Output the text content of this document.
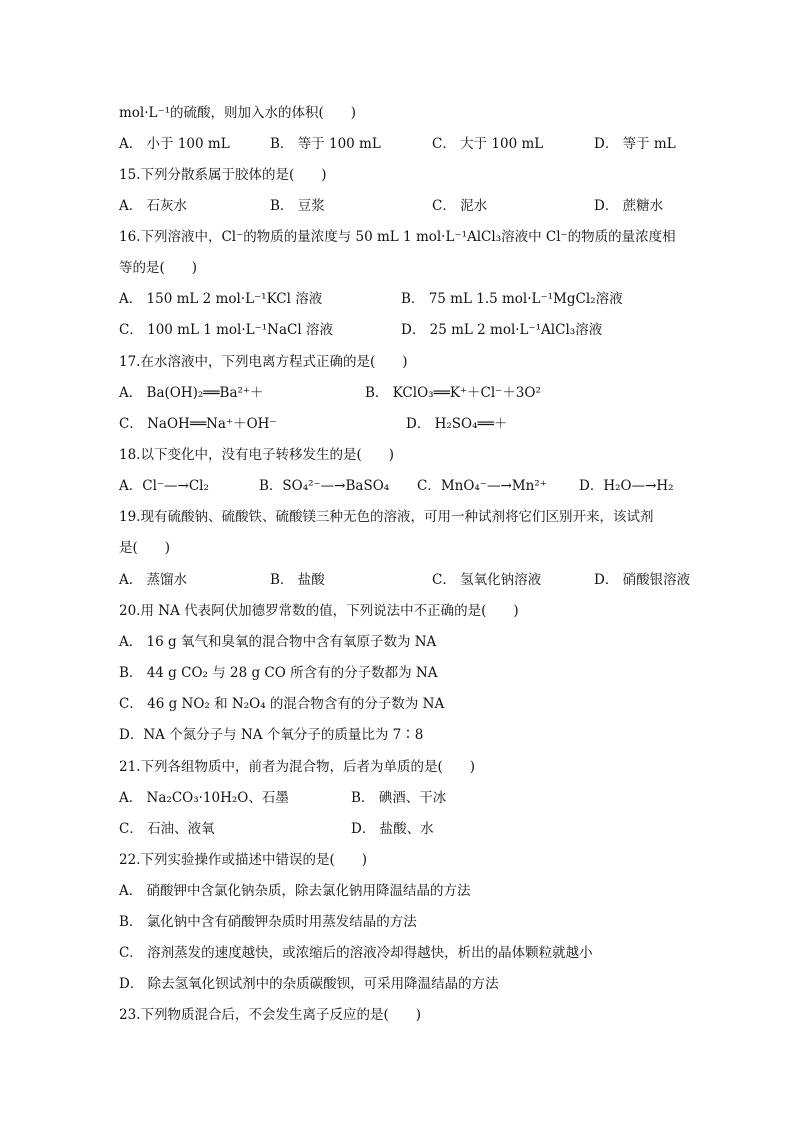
mol·L⁻¹的硫酸，则加入水的体积(　　)
A． 小于 100 mL	B． 等于 100 mL	C． 大于 100 mL	D． 等于 mL
15.下列分散系属于胶体的是(　　)
A． 石灰水	B． 豆浆	C． 泥水	D． 蔗糖水
16.下列溶液中，Cl⁻的物质的量浓度与 50 mL 1 mol·L⁻¹AlCl₃溶液中 Cl⁻的物质的量浓度相
等的是(　　)
A． 150 mL 2 mol·L⁻¹KCl 溶液	B． 75 mL 1.5 mol·L⁻¹MgCl₂溶液
C． 100 mL 1 mol·L⁻¹NaCl 溶液	D． 25 mL 2 mol·L⁻¹AlCl₃溶液
17.在水溶液中，下列电离方程式正确的是(　　)
A． Ba(OH)₂══Ba²⁺＋	B． KClO₃══K⁺＋Cl⁻＋3O²
C． NaOH══Na⁺＋OH⁻	D． H₂SO₄══＋
18.以下变化中，没有电子转移发生的是(　　)
A．Cl⁻—→Cl₂	B．SO₄²⁻—→BaSO₄ C．MnO₄⁻—→Mn²⁺ D．H₂O—→H₂
19.现有硫酸钠、硫酸铁、硫酸镁三种无色的溶液，可用一种试剂将它们区别开来，该试剂
是(　　)
A． 蒸馏水	B． 盐酸	C． 氢氧化钠溶液	D． 硝酸银溶液
20.用 NA 代表阿伏加德罗常数的值，下列说法中不正确的是(　　)
A． 16 g 氧气和臭氧的混合物中含有氧原子数为 NA
B． 44 g CO₂ 与 28 g CO 所含有的分子数都为 NA
C． 46 g NO₂ 和 N₂O₄ 的混合物含有的分子数为 NA
D．NA 个氮分子与 NA 个氧分子的质量比为 7∶8
21.下列各组物质中，前者为混合物，后者为单质的是(　　)
A． Na₂CO₃·10H₂O、石墨	B． 碘酒、干冰
C． 石油、液氧	D． 盐酸、水
22.下列实验操作或描述中错误的是(　　)
A． 硝酸钾中含氯化钠杂质，除去氯化钠用降温结晶的方法
B． 氯化钠中含有硝酸钾杂质时用蒸发结晶的方法
C． 溶剂蒸发的速度越快，或浓缩后的溶液冷却得越快，析出的晶体颗粒就越小
D． 除去氢氧化钡试剂中的杂质碳酸钡，可采用降温结晶的方法
23.下列物质混合后，不会发生离子反应的是(　　)
